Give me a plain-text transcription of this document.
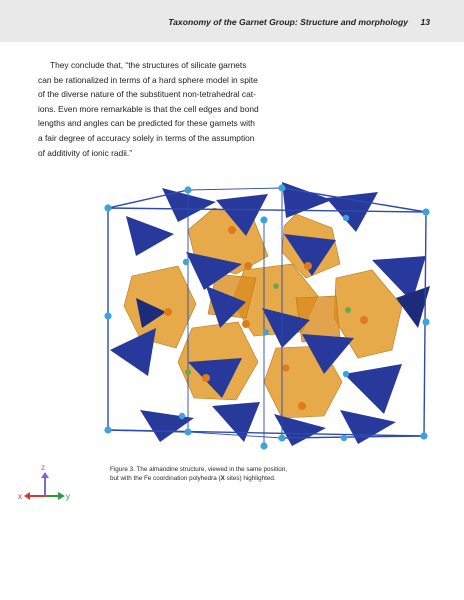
Taxonomy of the Garnet Group: Structure and morphology 13
They conclude that, “the structures of silicate garnets
can be rationalized in terms of a hard sphere model in spite
of the diverse nature of the substituent non-tetrahedral cat-
ions. Even more remarkable is that the cell edges and bond
lengths and angles can be predicted for these garnets with
a fair degree of accuracy solely in terms of the assumption
of additivity of ionic radii.”
Figure 3. The almandine structure, viewed in the same position,
but with the Fe coordination polyhedra (X sites) highlighted.
z
x	y
